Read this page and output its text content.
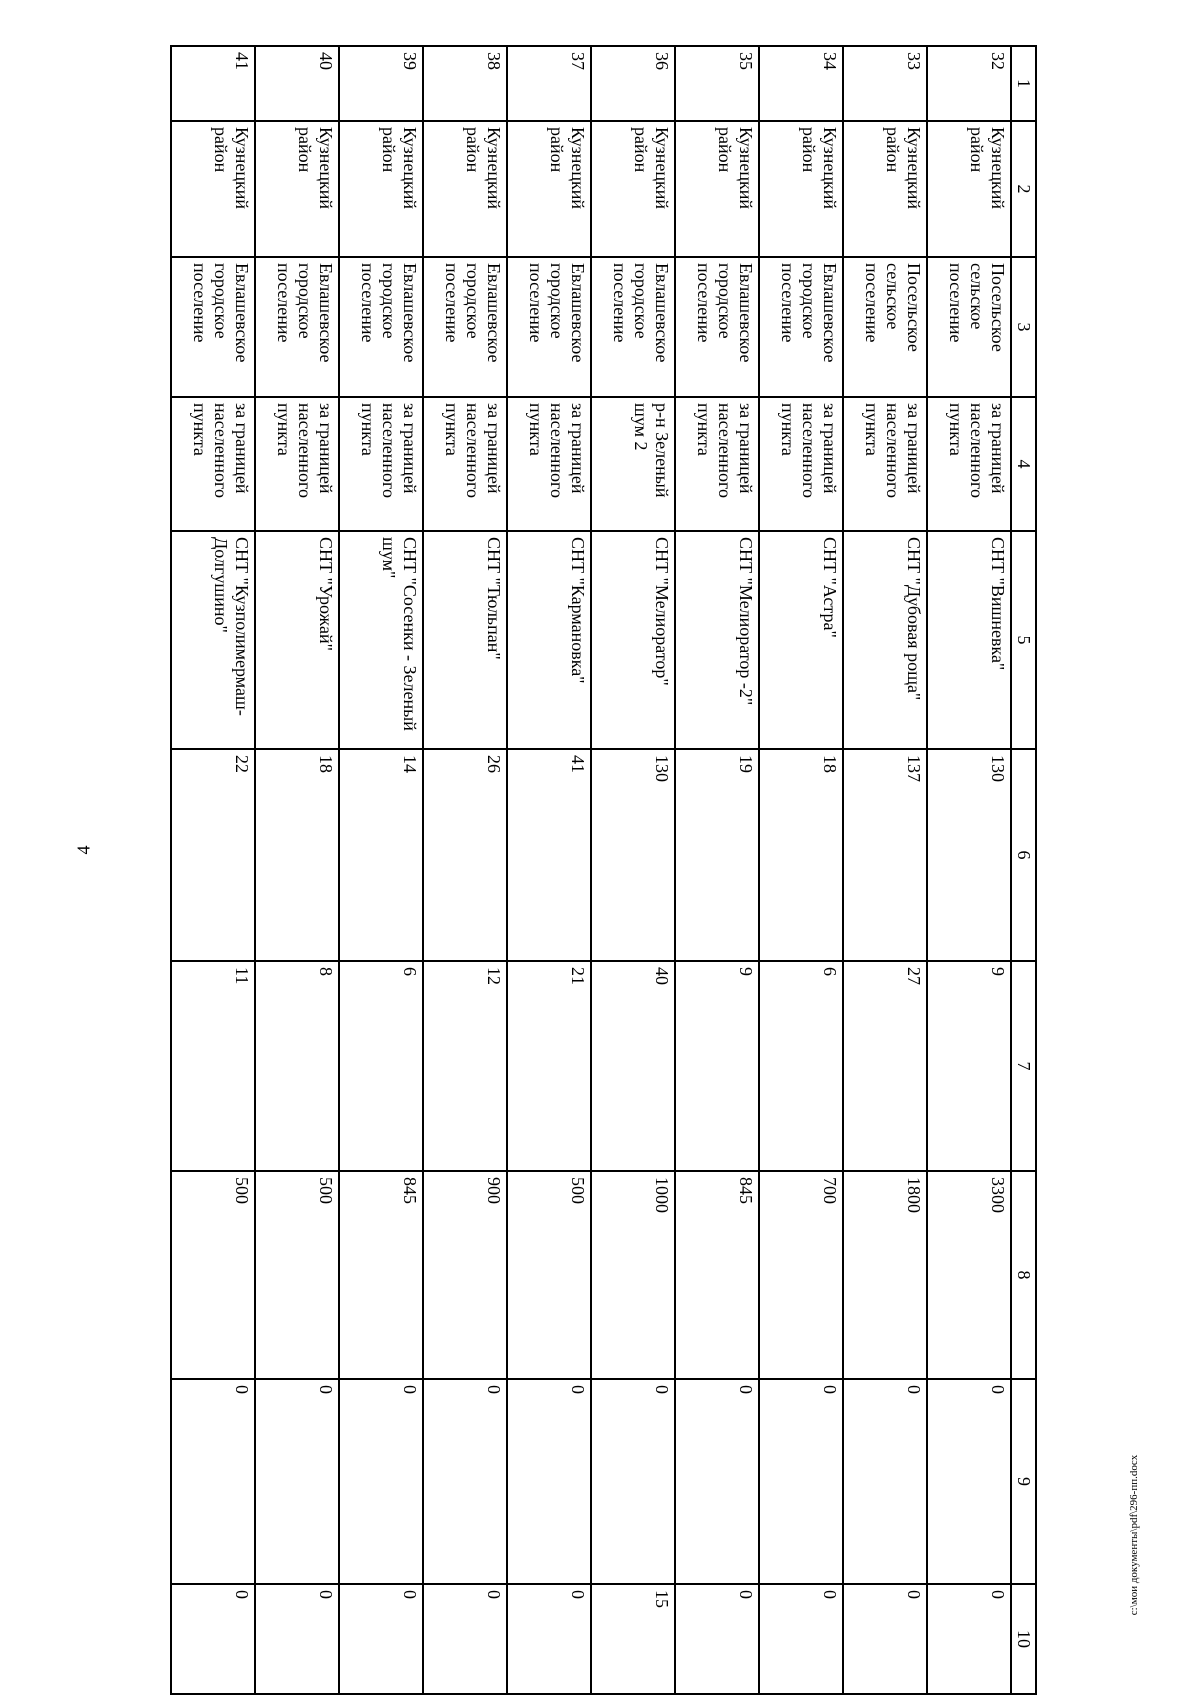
4
1	2	3	4	5	6	7	8	9	10
32	Кузнецкий район	Посельское сельское поселение	за границей населенного пункта	СНТ "Вишневка"	130	9	3300	0	0
33	Кузнецкий район	Посельское сельское поселение	за границей населенного пункта	СНТ "Дубовая роща"	137	27	1800	0	0
34	Кузнецкий район	Евлашевское городское поселение	за границей населенного пункта	СНТ "Астра"	18	6	700	0	0
35	Кузнецкий район	Евлашевское городское поселение	за границей населенного пункта	СНТ "Мелиоратор -2"	19	9	845	0	0
36	Кузнецкий район	Евлашевское городское поселение	р-н Зеленый шум 2	СНТ "Мелиоратор"	130	40	1000	0	15
37	Кузнецкий район	Евлашевское городское поселение	за границей населенного пункта	СНТ "Кармановка"	41	21	500	0	0
38	Кузнецкий район	Евлашевское городское поселение	за границей населенного пункта	СНТ "Тюльпан"	26	12	900	0	0
39	Кузнецкий район	Евлашевское городское поселение	за границей населенного пункта	СНТ "Сосенки - Зеленый шум"	14	6	845	0	0
40	Кузнецкий район	Евлашевское городское поселение	за границей населенного пункта	СНТ "Урожай"	18	8	500	0	0
41	Кузнецкий район	Евлашевское городское поселение	за границей населенного пункта	СНТ "Кузполимермаш-Долгушино"	22	11	500	0	0	c:\мои документы\pdf\296-пп.docx
